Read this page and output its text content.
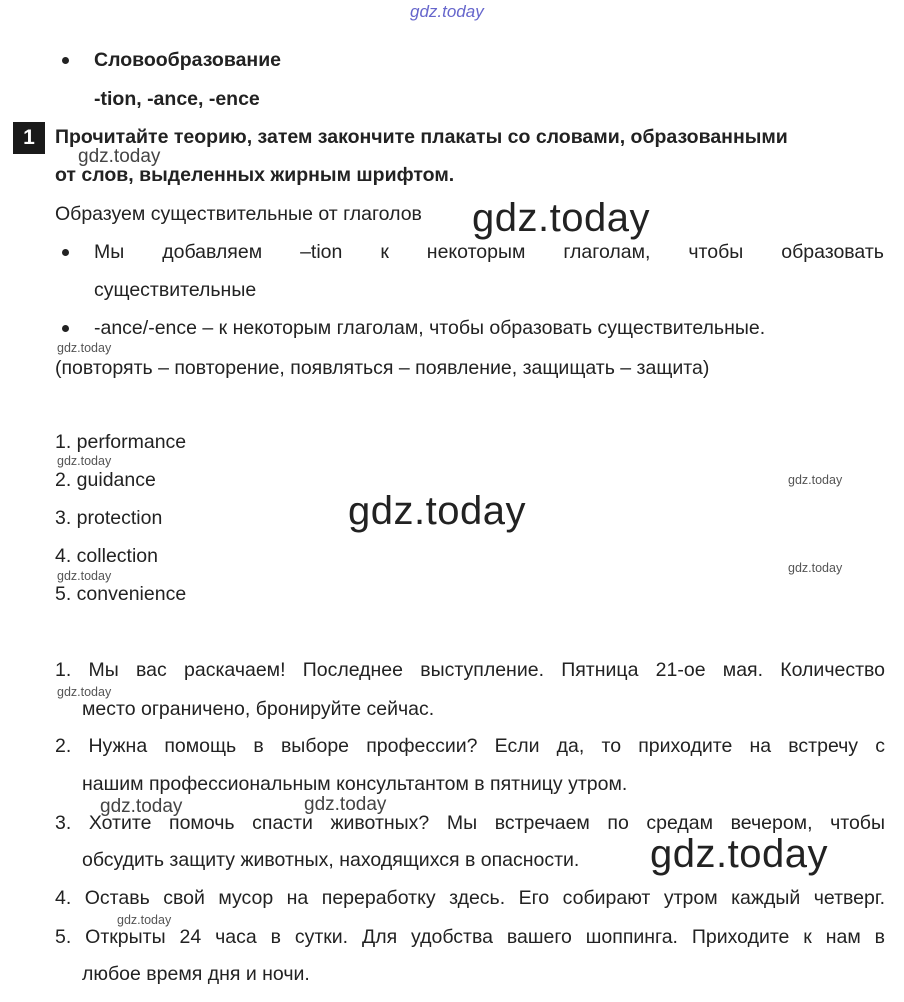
gdz.today
Словообразование
-tion, -ance, -ence
1	Прочитайте теорию, затем закончите плакаты со словами, образованными
от слов, выделенных жирным шрифтом.
Образуем существительные от глаголов
Мы добавляем –tion к некоторым глаголам, чтобы образовать
существительные
-ance/-ence – к некоторым глаголам, чтобы образовать существительные.
(повторять – повторение, появляться – появление, защищать – защита)
1. performance
2. guidance
3. protection
4. collection
5. convenience
1. Мы вас раскачаем! Последнее выступление. Пятница 21-ое мая. Количество
место ограничено, бронируйте сейчас.
2. Нужна помощь в выборе профессии? Если да, то приходите на встречу с
нашим профессиональным консультантом в пятницу утром.
3. Хотите помочь спасти животных? Мы встречаем по средам вечером, чтобы
обсудить защиту животных, находящихся в опасности.
4. Оставь свой мусор на переработку здесь. Его собирают утром каждый четверг.
5. Открыты 24 часа в сутки. Для удобства вашего шоппинга. Приходите к нам в
любое время дня и ночи.
gdz.today
gdz.today
gdz.today
gdz.today
gdz.today
gdz.today
gdz.today
gdz.today
gdz.today
gdz.today	gdz.today
gdz.today
gdz.today
